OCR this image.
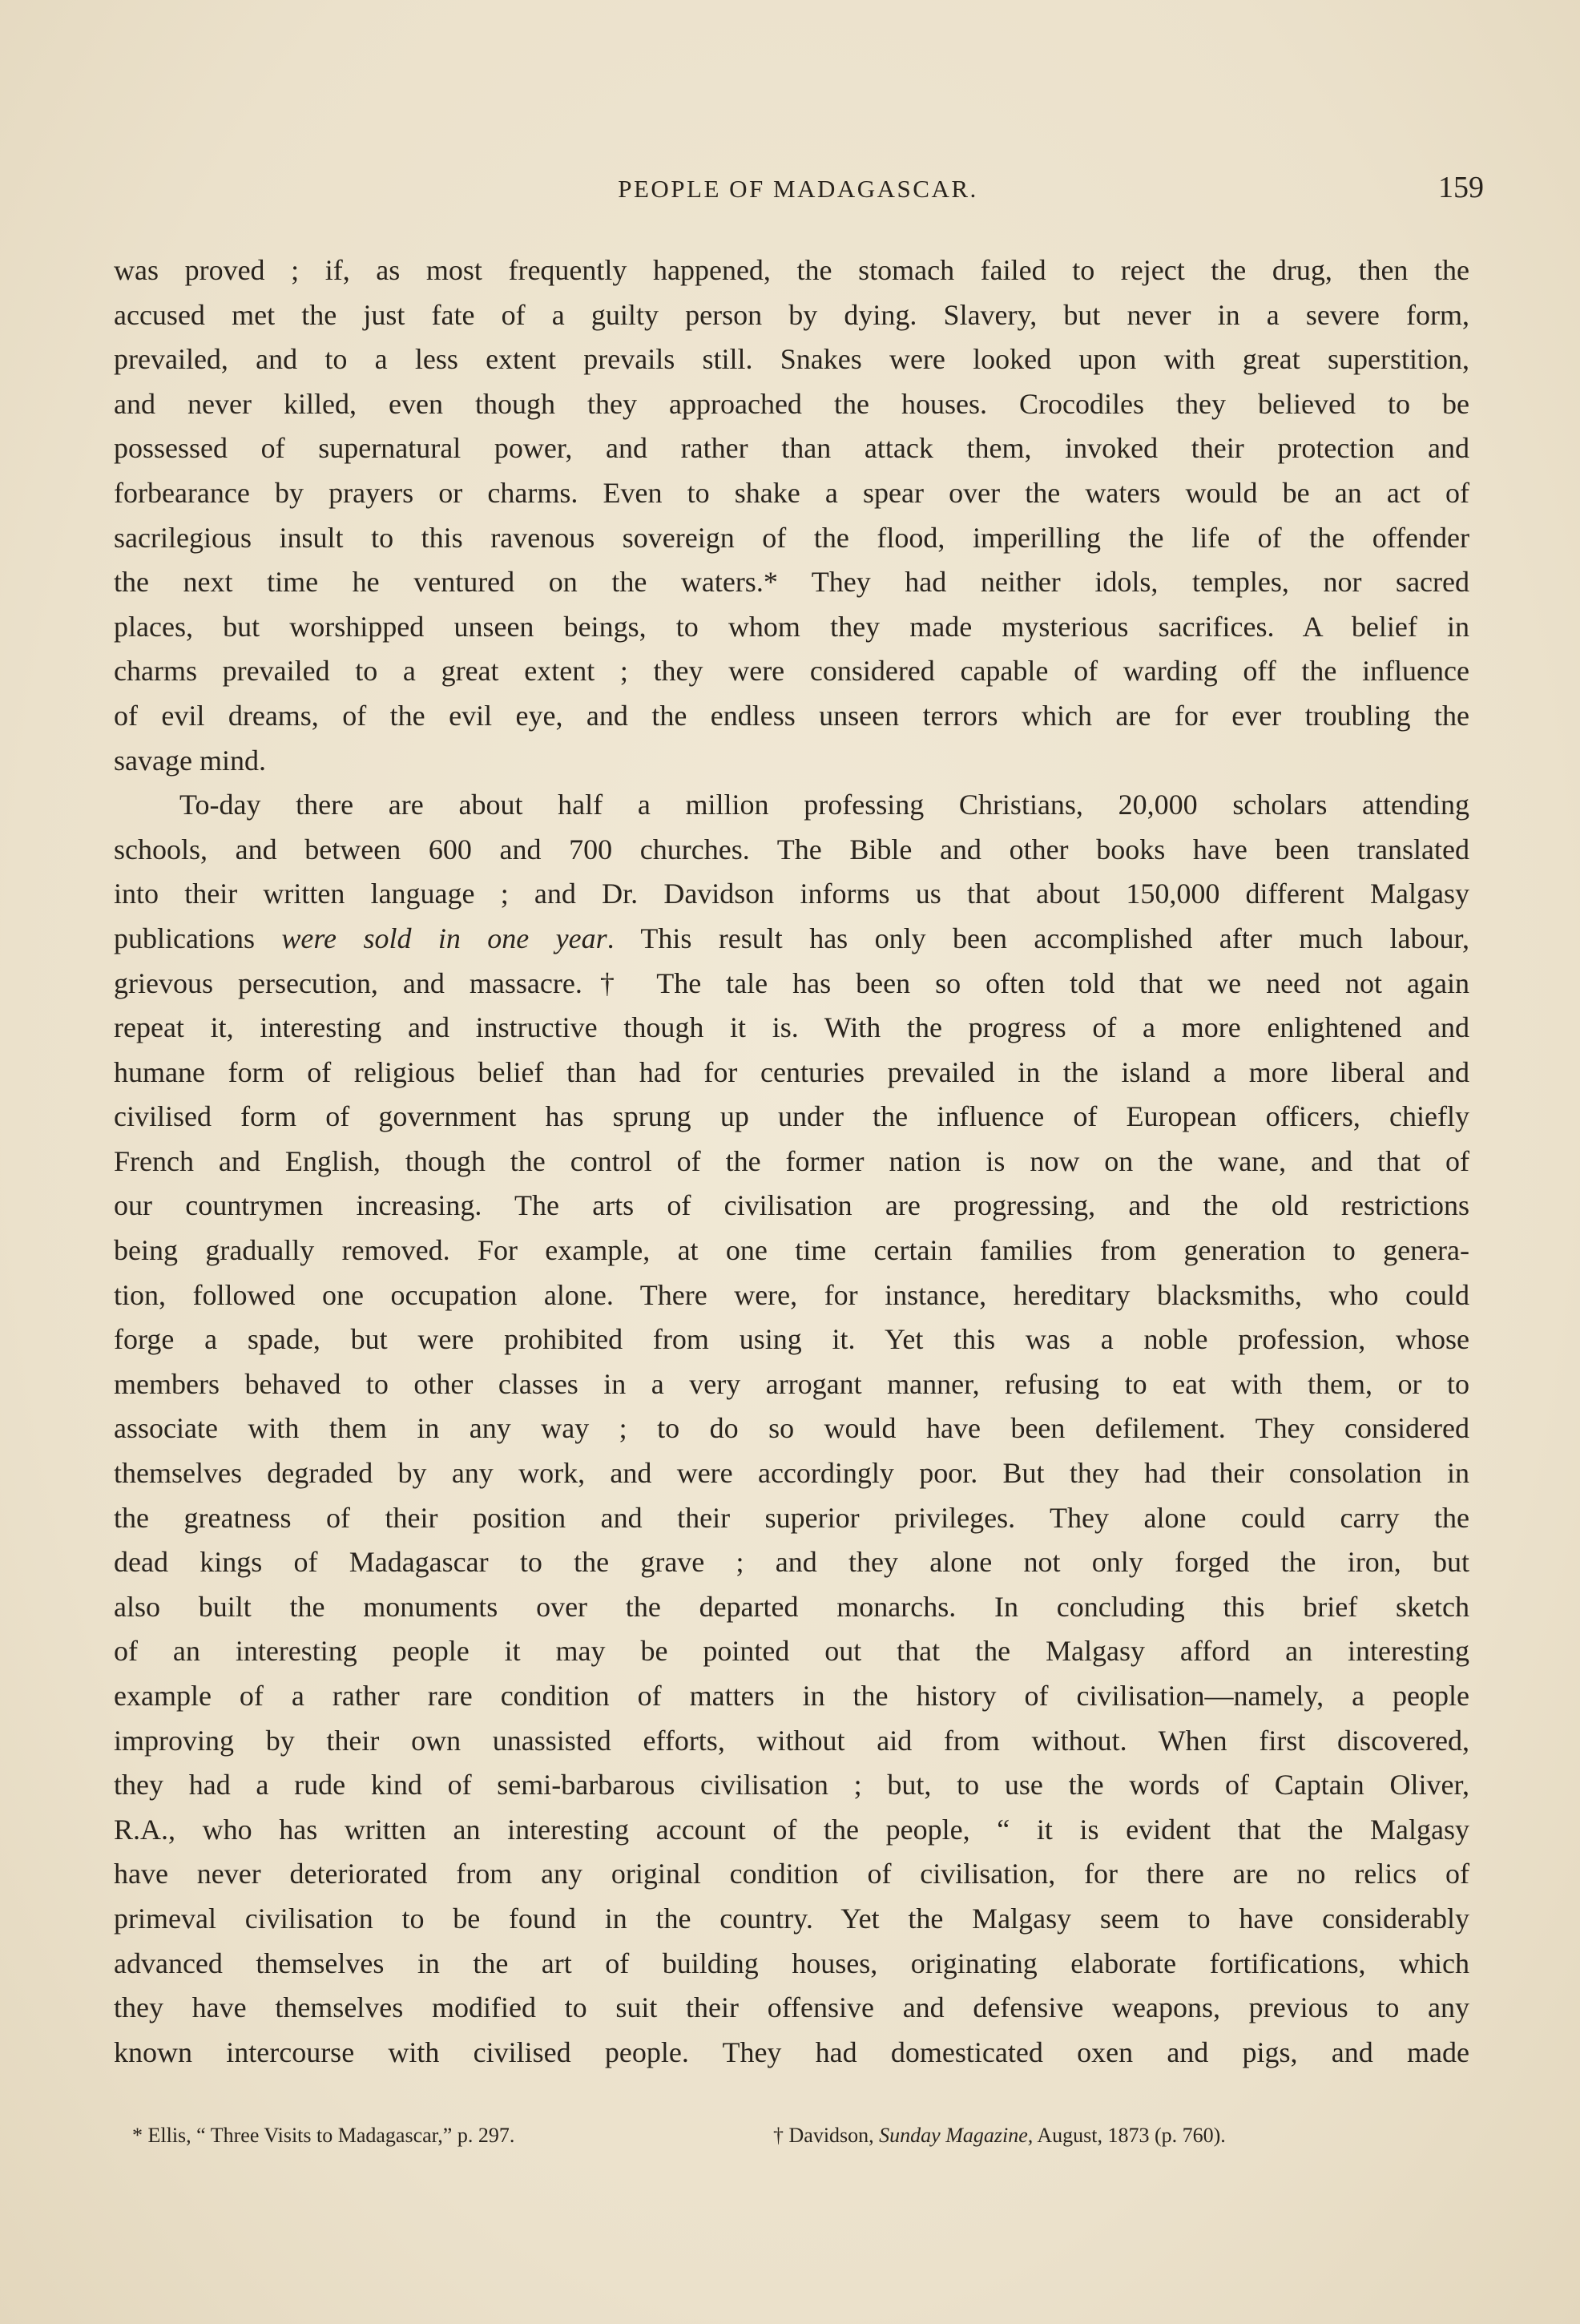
PEOPLE OF MADAGASCAR.	159
was proved ; if, as most frequently happened, the stomach failed to reject the drug, then the
accused met the just fate of a guilty person by dying. Slavery, but never in a severe form,
prevailed, and to a less extent prevails still. Snakes were looked upon with great superstition,
and never killed, even though they approached the houses. Crocodiles they believed to be
possessed of supernatural power, and rather than attack them, invoked their protection and
forbearance by prayers or charms. Even to shake a spear over the waters would be an act of
sacrilegious insult to this ravenous sovereign of the flood, imperilling the life of the offender
the next time he ventured on the waters.* They had neither idols, temples, nor sacred
places, but worshipped unseen beings, to whom they made mysterious sacrifices. A belief in
charms prevailed to a great extent ; they were considered capable of warding off the influence
of evil dreams, of the evil eye, and the endless unseen terrors which are for ever troubling the
savage mind.
To-day there are about half a million professing Christians, 20,000 scholars attending
schools, and between 600 and 700 churches. The Bible and other books have been translated
into their written language ; and Dr. Davidson informs us that about 150,000 different Malgasy
publications were sold in one year. This result has only been accomplished after much labour,
grievous persecution, and massacre.† The tale has been so often told that we need not again
repeat it, interesting and instructive though it is. With the progress of a more enlightened and
humane form of religious belief than had for centuries prevailed in the island a more liberal and
civilised form of government has sprung up under the influence of European officers, chiefly
French and English, though the control of the former nation is now on the wane, and that of
our countrymen increasing. The arts of civilisation are progressing, and the old restrictions
being gradually removed. For example, at one time certain families from generation to genera-
tion, followed one occupation alone. There were, for instance, hereditary blacksmiths, who could
forge a spade, but were prohibited from using it. Yet this was a noble profession, whose
members behaved to other classes in a very arrogant manner, refusing to eat with them, or to
associate with them in any way ; to do so would have been defilement. They considered
themselves degraded by any work, and were accordingly poor. But they had their consolation in
the greatness of their position and their superior privileges. They alone could carry the
dead kings of Madagascar to the grave ; and they alone not only forged the iron, but
also built the monuments over the departed monarchs. In concluding this brief sketch
of an interesting people it may be pointed out that the Malgasy afford an interesting
example of a rather rare condition of matters in the history of civilisation—namely, a people
improving by their own unassisted efforts, without aid from without. When first discovered,
they had a rude kind of semi-barbarous civilisation ; but, to use the words of Captain Oliver,
R.A., who has written an interesting account of the people, “ it is evident that the Malgasy
have never deteriorated from any original condition of civilisation, for there are no relics of
primeval civilisation to be found in the country. Yet the Malgasy seem to have considerably
advanced themselves in the art of building houses, originating elaborate fortifications, which
they have themselves modified to suit their offensive and defensive weapons, previous to any
known intercourse with civilised people. They had domesticated oxen and pigs, and made
* Ellis, “ Three Visits to Madagascar,” p. 297.	† Davidson, Sunday Magazine, August, 1873 (p. 760).
